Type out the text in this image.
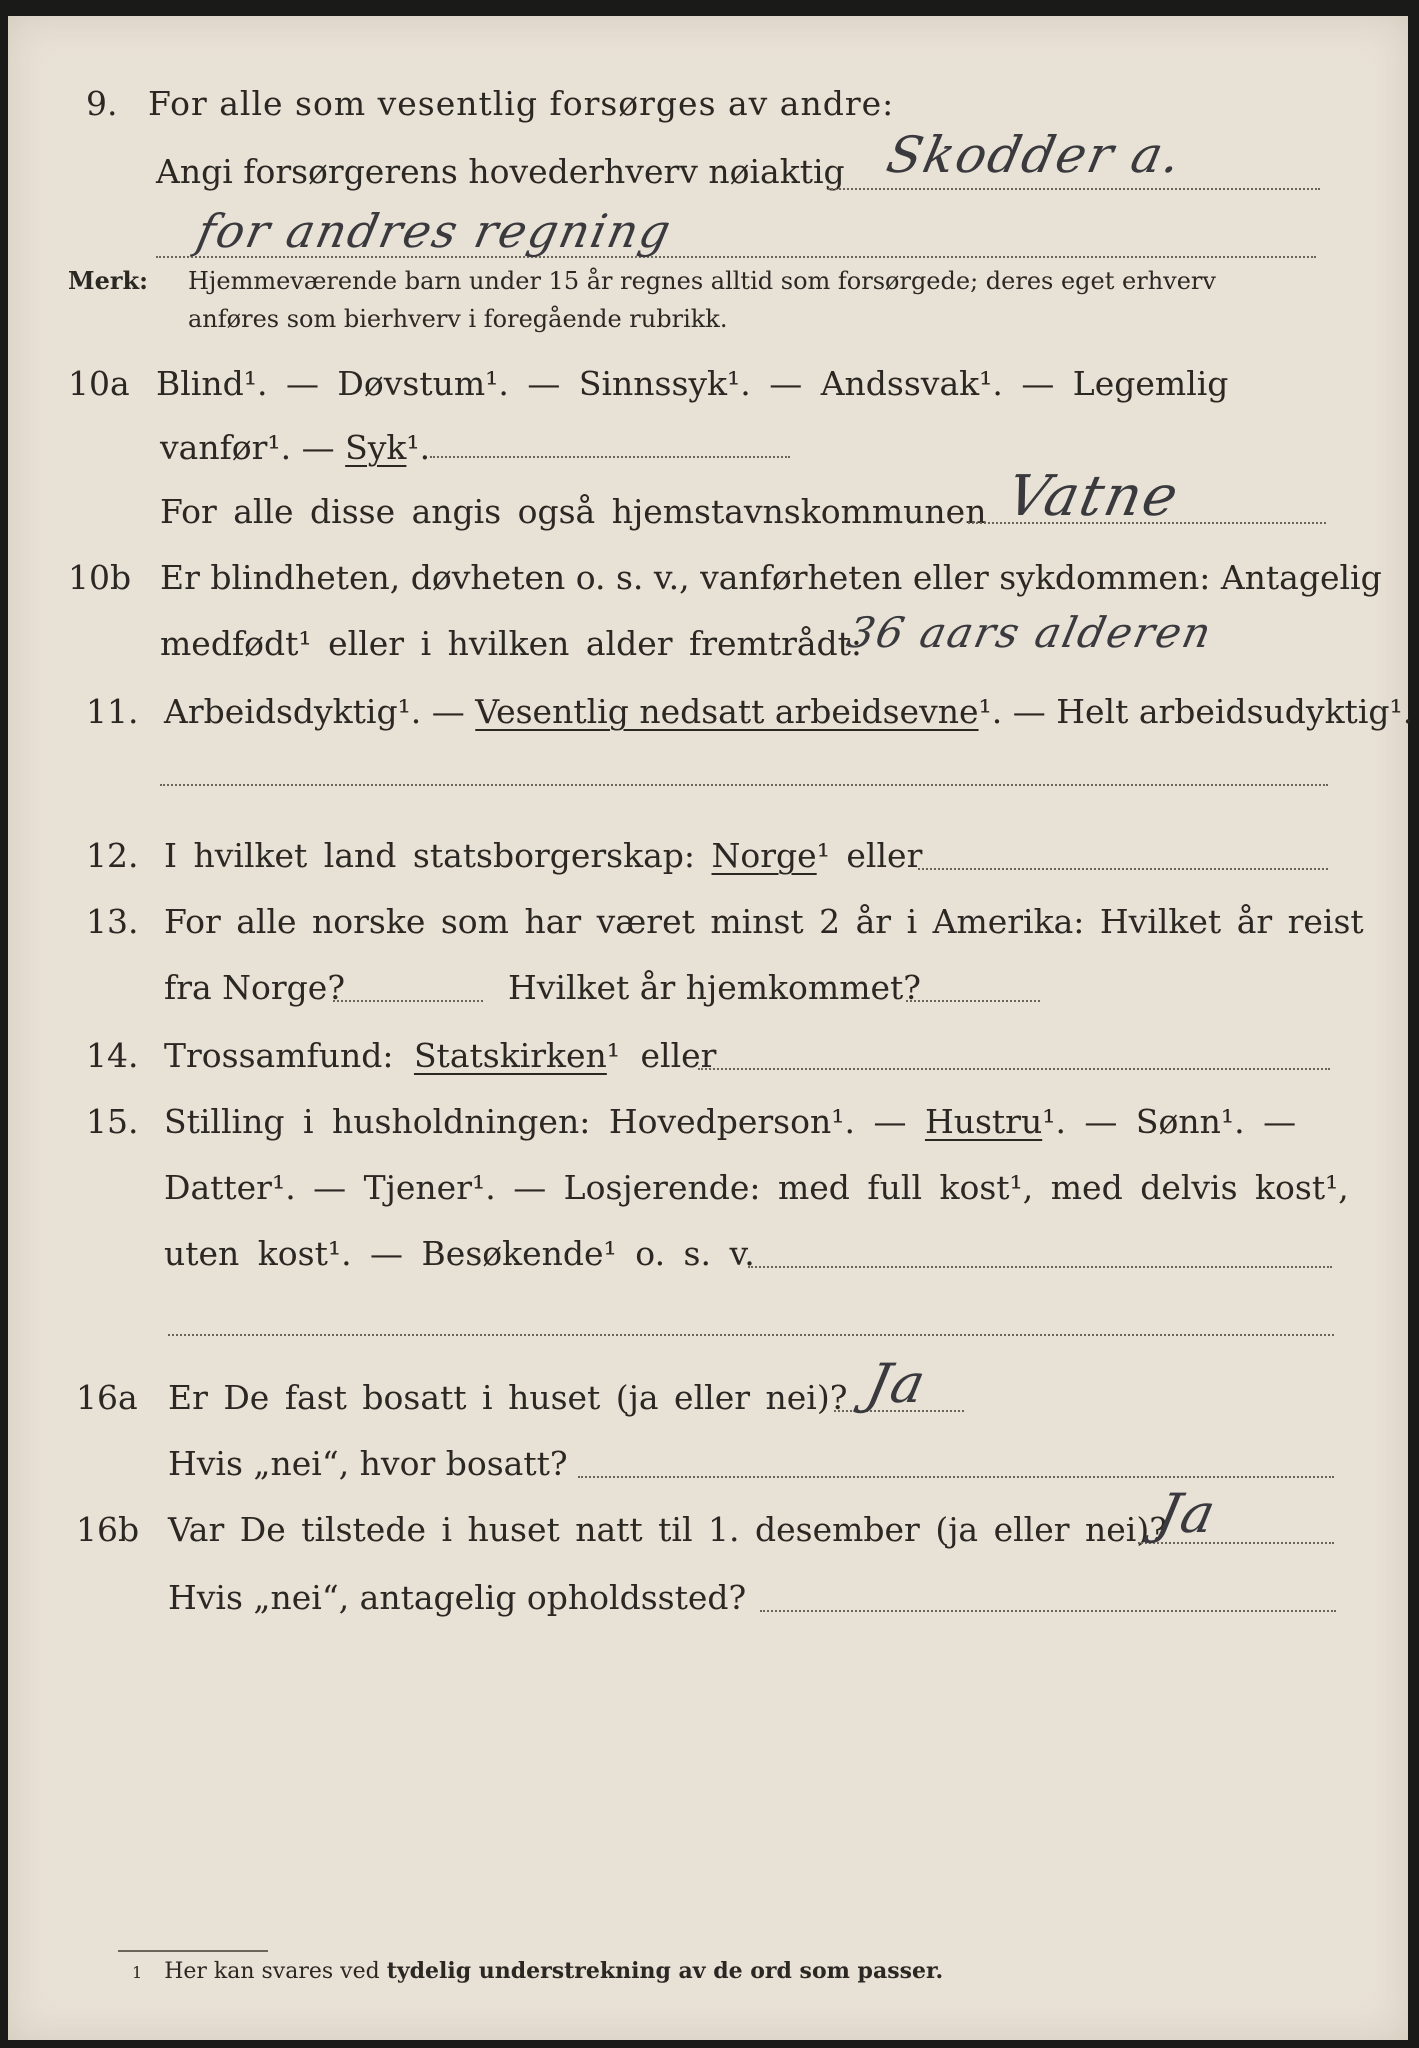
9. For alle som vesentlig forsørges av andre:
Angi forsørgerens hovederhverv nøiaktig Skodder a.
for andres regning
Merk: Hjemmeværende barn under 15 år regnes alltid som forsørgede; deres eget erhverv
anføres som bierhverv i foregående rubrikk.
10a Blind¹. — Døvstum¹. — Sinnssyk¹. — Andssvak¹. — Legemlig
vanfør¹. — Syk¹.
For alle disse angis også hjemstavnskommunen Vatne
10b Er blindheten, døvheten o. s. v., vanførheten eller sykdommen: Antagelig
medfødt¹ eller i hvilken alder fremtrådt:
36 aars alderen
11. Arbeidsdyktig¹. — Vesentlig nedsatt arbeidsevne¹. — Helt arbeidsudyktig¹.
12. I hvilket land statsborgerskap: Norge¹ eller
13. For alle norske som har været minst 2 år i Amerika: Hvilket år reist
fra Norge?	Hvilket år hjemkommet?
14. Trossamfund: Statskirken¹ eller
15. Stilling i husholdningen: Hovedperson¹. — Hustru¹. — Sønn¹. —
Datter¹. — Tjener¹. — Losjerende: med full kost¹, med delvis kost¹,
uten kost¹. — Besøkende¹ o. s. v.
16a Er De fast bosatt i huset (ja eller nei)? Ja
Hvis „nei“, hvor bosatt?
16b Var De tilstede i huset natt til 1. desember (ja eller nei)?
Ja
Hvis „nei“, antagelig opholdssted?
1 Her kan svares ved tydelig understrekning av de ord som passer.
